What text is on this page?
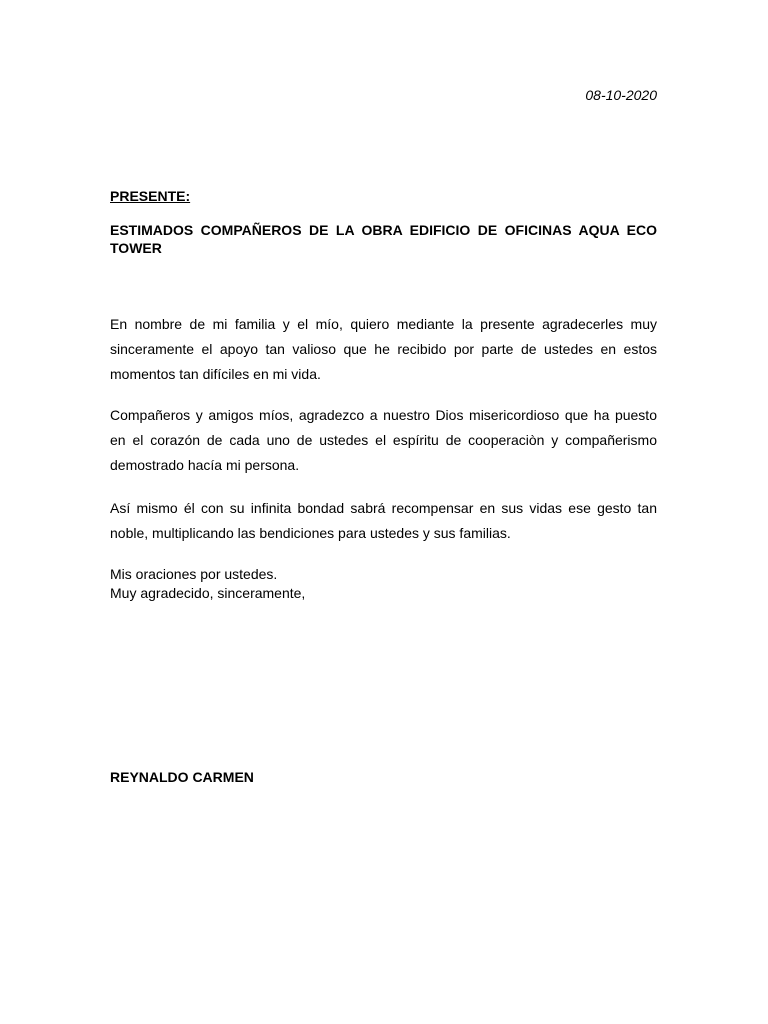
08-10-2020
PRESENTE:
ESTIMADOS COMPAÑEROS DE LA OBRA EDIFICIO DE OFICINAS AQUA ECO TOWER
En nombre de mi familia y el mío, quiero mediante la presente agradecerles muy sinceramente el apoyo tan valioso que he recibido por parte de ustedes en estos momentos tan difíciles en mi vida.
Compañeros y amigos míos, agradezco a nuestro Dios misericordioso que ha puesto en el corazón de cada uno de ustedes el espíritu de cooperaciòn y compañerismo demostrado hacía mi persona.
Así mismo él con su infinita bondad sabrá recompensar en sus vidas ese gesto tan noble, multiplicando las bendiciones para ustedes y sus familias.
Mis oraciones por ustedes.
Muy agradecido, sinceramente,
REYNALDO CARMEN
